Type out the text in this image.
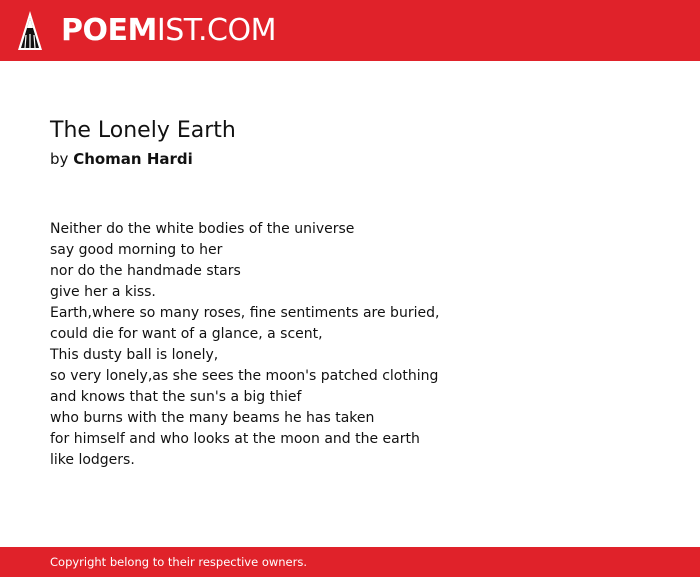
POEMIST.COM
The Lonely Earth
by Choman Hardi
Neither do the white bodies of the universe
say good morning to her
nor do the handmade stars
give her a kiss.
Earth,where so many roses, fine sentiments are buried,
could die for want of a glance, a scent,
This dusty ball is lonely,
so very lonely,as she sees the moon's patched clothing
and knows that the sun's a big thief
who burns with the many beams he has taken
for himself and who looks at the moon and the earth
like lodgers.
Copyright belong to their respective owners.
